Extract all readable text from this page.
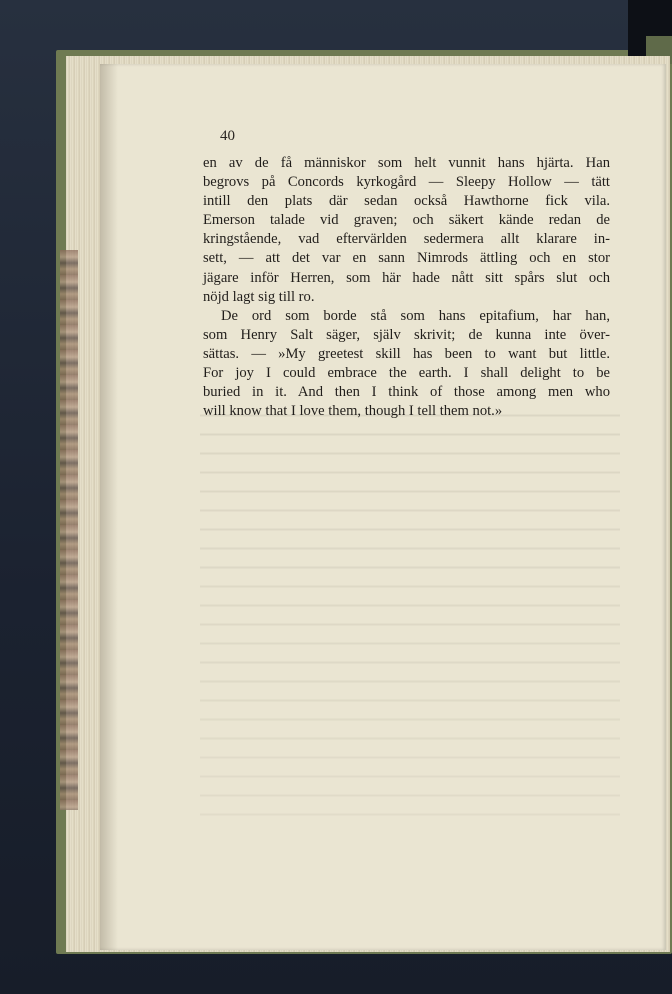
40
en av de få människor som helt vunnit hans hjärta. Han
begrovs på Concords kyrkogård — Sleepy Hollow — tätt
intill den plats där sedan också Hawthorne fick vila.
Emerson talade vid graven; och säkert kände redan de
kringstående, vad eftervärlden sedermera allt klarare in-
sett, — att det var en sann Nimrods ättling och en stor
jägare inför Herren, som här hade nått sitt spårs slut och
nöjd lagt sig till ro.
De ord som borde stå som hans epitafium, har han,
som Henry Salt säger, själv skrivit; de kunna inte över-
sättas. — »My greetest skill has been to want but little.
For joy I could embrace the earth. I shall delight to be
buried in it. And then I think of those among men who
will know that I love them, though I tell them not.»
